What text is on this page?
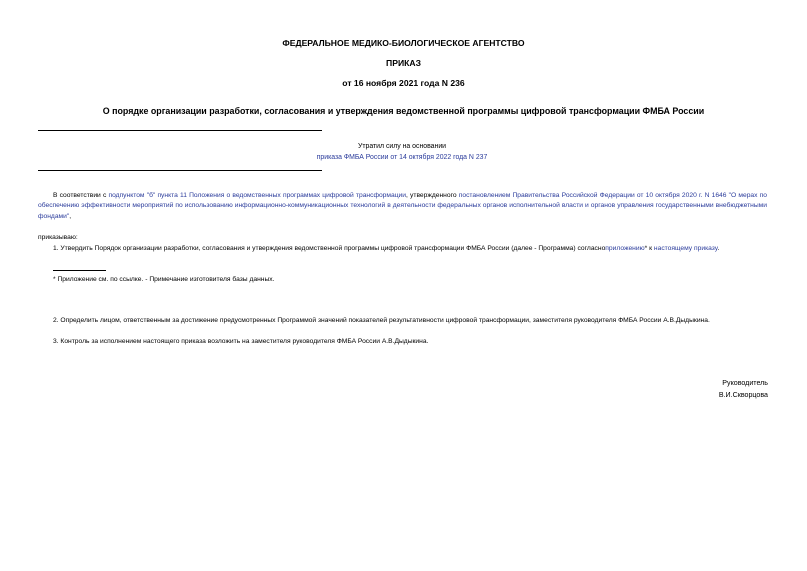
ФЕДЕРАЛЬНОЕ МЕДИКО-БИОЛОГИЧЕСКОЕ АГЕНТСТВО
ПРИКАЗ
от 16 ноября 2021 года N 236
О порядке организации разработки, согласования и утверждения ведомственной программы цифровой трансформации ФМБА России
Утратил силу на основании
приказа ФМБА России от 14 октября 2022 года N 237
В соответствии с подпунктом "б" пункта 11 Положения о ведомственных программах цифровой трансформации, утвержденного постановлением Правительства Российской Федерации от 10 октября 2020 г. N 1646 "О мерах по обеспечению эффективности мероприятий по использованию информационно-коммуникационных технологий в деятельности федеральных органов исполнительной власти и органов управления государственными внебюджетными фондами",
приказываю:
1. Утвердить Порядок организации разработки, согласования и утверждения ведомственной программы цифровой трансформации ФМБА России (далее - Программа) согласноприложению* к настоящему приказу.
* Приложение см. по ссылке. - Примечание изготовителя базы данных.
2. Определить лицом, ответственным за достижение предусмотренных Программой значений показателей результативности цифровой трансформации, заместителя руководителя ФМБА России А.В.Дыдыкина.
3. Контроль за исполнением настоящего приказа возложить на заместителя руководителя ФМБА России А.В.Дыдыкина.
Руководитель
В.И.Скворцова
